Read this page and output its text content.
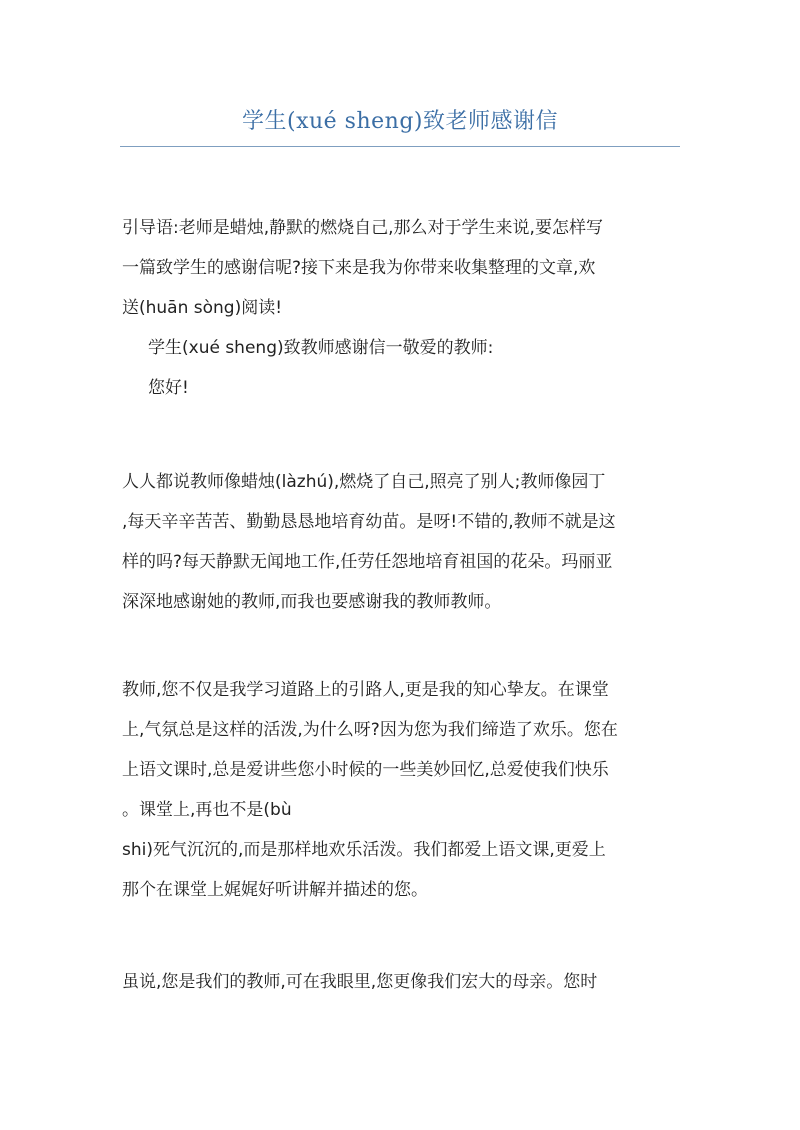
学生(xué sheng)致老师感谢信
引导语:老师是蜡烛,静默的燃烧自己,那么对于学生来说,要怎样写
一篇致学生的感谢信呢?接下来是我为你带来收集整理的文章,欢
送(huān sòng)阅读!
学生(xué sheng)致教师感谢信一敬爱的教师:
您好!
人人都说教师像蜡烛(làzhú),燃烧了自己,照亮了别人;教师像园丁
,每天辛辛苦苦、勤勤恳恳地培育幼苗。是呀!不错的,教师不就是这
样的吗?每天静默无闻地工作,任劳任怨地培育祖国的花朵。玛丽亚
深深地感谢她的教师,而我也要感谢我的教师教师。
教师,您不仅是我学习道路上的引路人,更是我的知心挚友。在课堂
上,气氛总是这样的活泼,为什么呀?因为您为我们缔造了欢乐。您在
上语文课时,总是爱讲些您小时候的一些美妙回忆,总爱使我们快乐
。课堂上,再也不是(bù
shi)死气沉沉的,而是那样地欢乐活泼。我们都爱上语文课,更爱上
那个在课堂上娓娓好听讲解并描述的您。
虽说,您是我们的教师,可在我眼里,您更像我们宏大的母亲。您时
